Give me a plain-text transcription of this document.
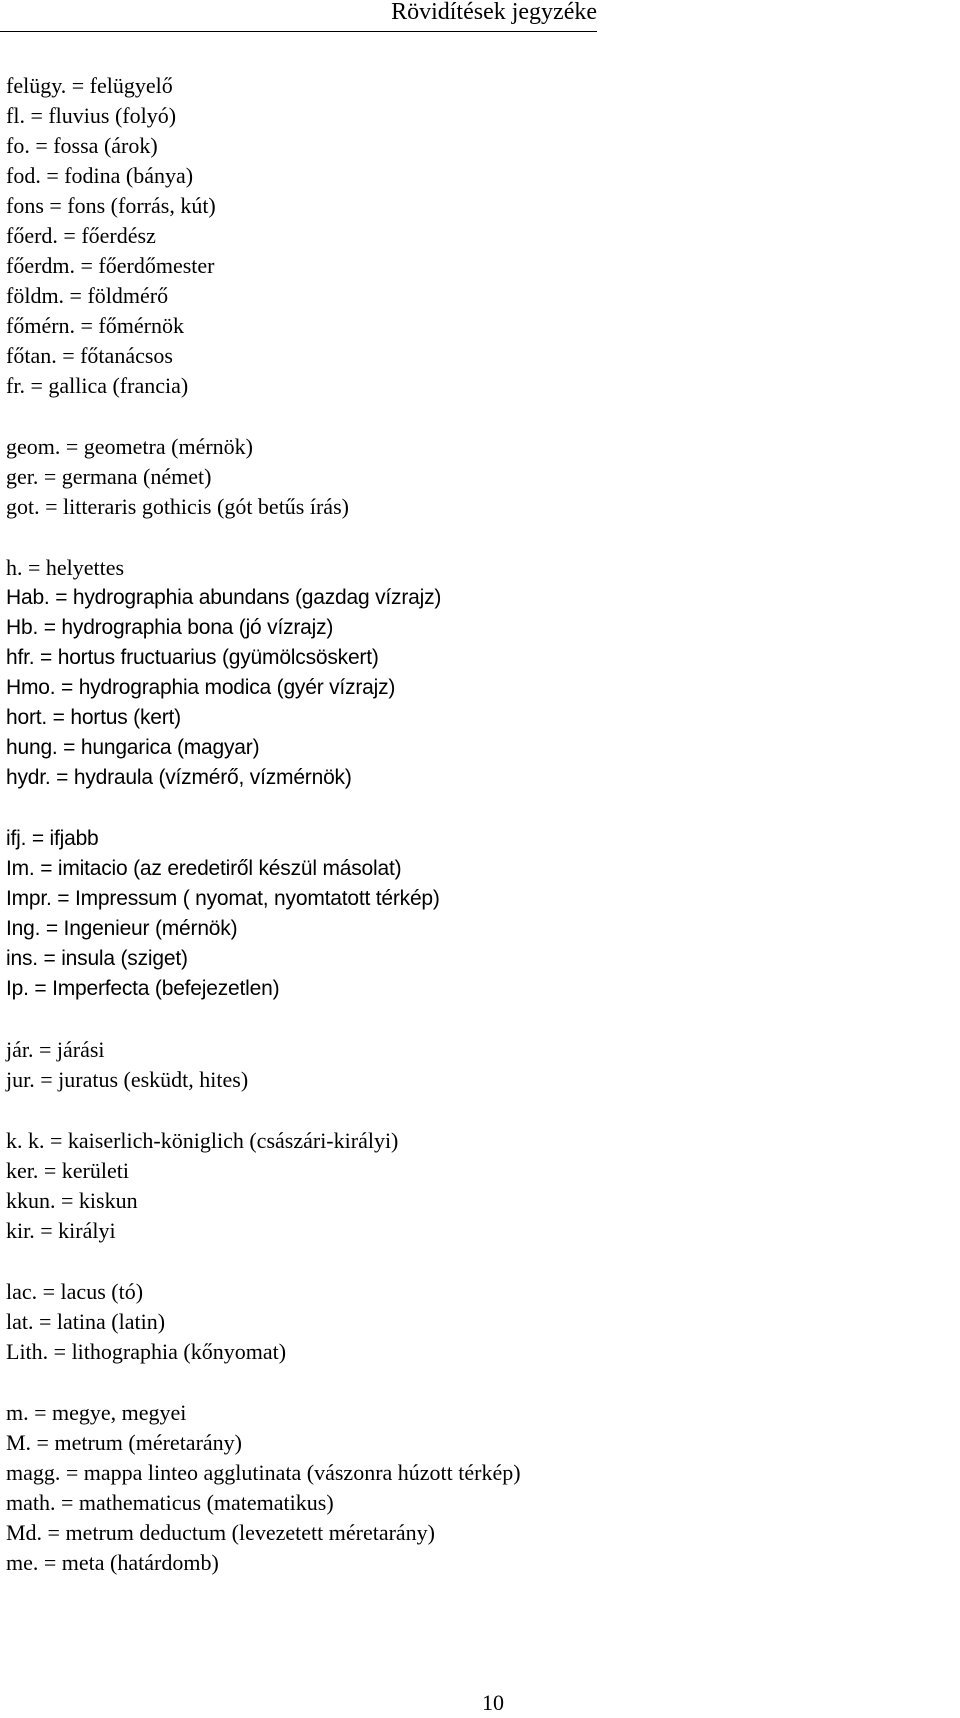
Rövidítések jegyzéke
felügy. = felügyelő
fl. = fluvius (folyó)
fo. = fossa (árok)
fod. = fodina (bánya)
fons = fons (forrás, kút)
főerd. = főerdész
főerdm. = főerdőmester
földm. = földmérő
főmérn. = főmérnök
főtan. = főtanácsos
fr. = gallica (francia)
geom. = geometra (mérnök)
ger. = germana (német)
got. = litteraris gothicis (gót betűs írás)
h. = helyettes
Hab. = hydrographia abundans (gazdag vízrajz)
Hb. = hydrographia bona (jó vízrajz)
hfr. = hortus fructuarius (gyümölcsöskert)
Hmo. = hydrographia modica (gyér vízrajz)
hort. = hortus (kert)
hung. = hungarica (magyar)
hydr. = hydraula (vízmérő, vízmérnök)
ifj. = ifjabb
Im. = imitacio (az eredetiről készül másolat)
Impr. = Impressum ( nyomat, nyomtatott térkép)
Ing. = Ingenieur (mérnök)
ins. = insula (sziget)
Ip. = Imperfecta (befejezetlen)
jár. = járási
jur. = juratus (esküdt, hites)
k. k. = kaiserlich-königlich (császári-királyi)
ker. = kerületi
kkun. = kiskun
kir. = királyi
lac. = lacus (tó)
lat. = latina (latin)
Lith. = lithographia (kőnyomat)
m. = megye, megyei
M. = metrum (méretarány)
magg. = mappa linteo agglutinata (vászonra húzott térkép)
math. = mathematicus (matematikus)
Md. = metrum deductum (levezetett méretarány)
me. = meta (határdomb)
10
